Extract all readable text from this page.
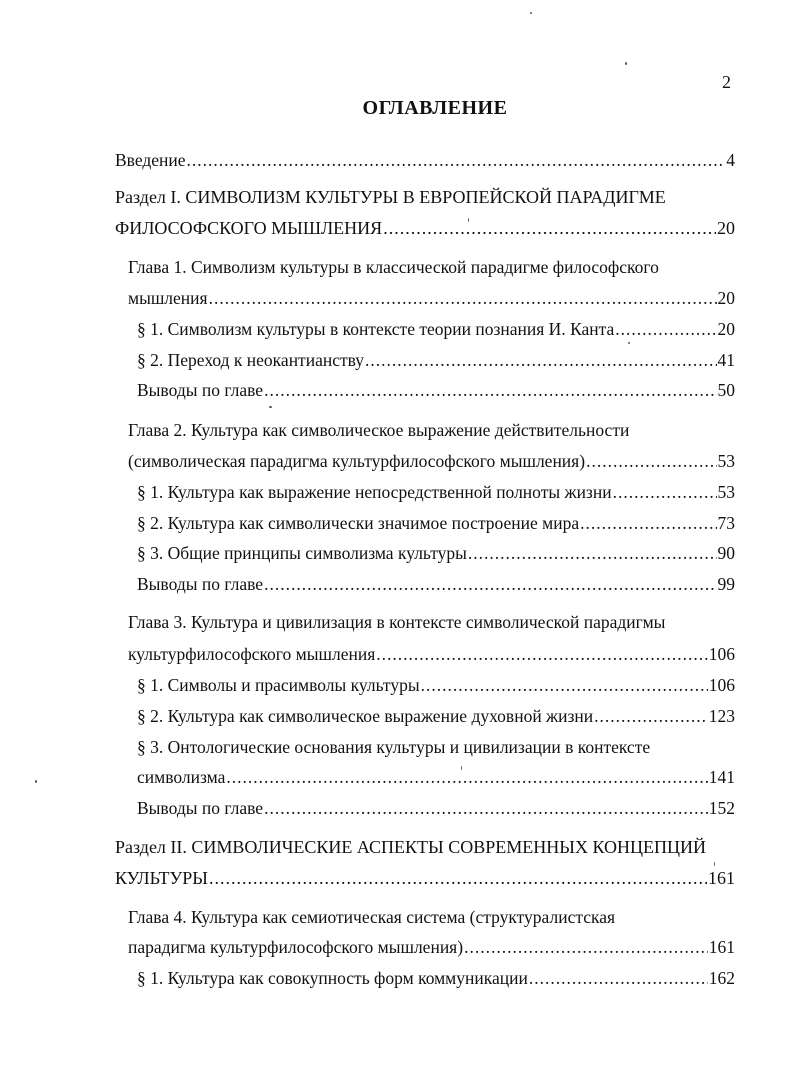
2
ОГЛАВЛЕНИЕ
Введение .....	4
Раздел I. СИМВОЛИЗМ КУЛЬТУРЫ В ЕВРОПЕЙСКОЙ ПАРАДИГМЕ
ФИЛОСОФСКОГО МЫШЛЕНИЯ .....	20
Глава 1. Символизм культуры в классической парадигме философского
мышления .....	20
§ 1. Символизм культуры в контексте теории познания И. Канта .....	20
§ 2. Переход к неокантианству .....	41
Выводы по главе .....	50
Глава 2. Культура как символическое выражение действительности
(символическая парадигма культурфилософского мышления) .....	53
§ 1. Культура как выражение непосредственной полноты жизни .....	53
§ 2. Культура как символически значимое построение мира .....	73
§ 3. Общие принципы символизма культуры .....	90
Выводы по главе .....	99
Глава 3. Культура и цивилизация в контексте символической парадигмы
культурфилософского мышления .....	106
§ 1. Символы и прасимволы культуры .....	106
§ 2. Культура как символическое выражение духовной жизни .....	123
§ 3. Онтологические основания культуры и цивилизации в контексте
символизма .....	141
Выводы по главе .....	152
Раздел II. СИМВОЛИЧЕСКИЕ АСПЕКТЫ СОВРЕМЕННЫХ КОНЦЕПЦИЙ
КУЛЬТУРЫ .....	161
Глава 4. Культура как семиотическая система (структуралистская
парадигма культурфилософского мышления) .....	161
§ 1. Культура как совокупность форм коммуникации .....	162
